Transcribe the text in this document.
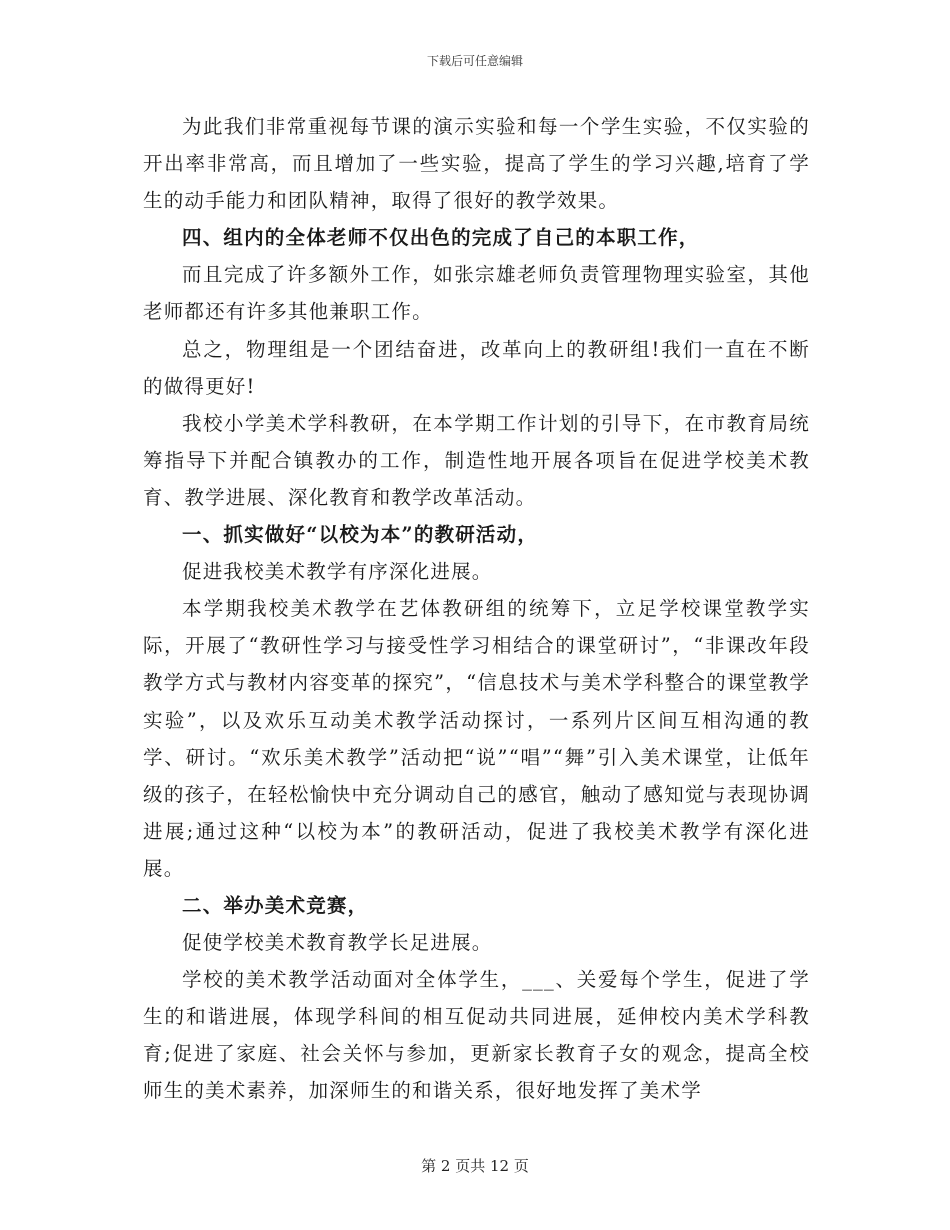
下载后可任意编辑

为此我们非常重视每节课的演示实验和每一个学生实验，不仅实验的开出率非常高，而且增加了一些实验，提高了学生的学习兴趣,培育了学生的动手能力和团队精神，取得了很好的教学效果。

四、组内的全体老师不仅出色的完成了自己的本职工作，

而且完成了许多额外工作，如张宗雄老师负责管理物理实验室，其他老师都还有许多其他兼职工作。

总之，物理组是一个团结奋进，改革向上的教研组!我们一直在不断的做得更好!

我校小学美术学科教研，在本学期工作计划的引导下，在市教育局统筹指导下并配合镇教办的工作，制造性地开展各项旨在促进学校美术教育、教学进展、深化教育和教学改革活动。

一、抓实做好“以校为本”的教研活动，

促进我校美术教学有序深化进展。

本学期我校美术教学在艺体教研组的统筹下，立足学校课堂教学实际，开展了“教研性学习与接受性学习相结合的课堂研讨”，“非课改年段教学方式与教材内容变革的探究”，“信息技术与美术学科整合的课堂教学实验”，以及欢乐互动美术教学活动探讨，一系列片区间互相沟通的教学、研讨。“欢乐美术教学”活动把“说”“唱”“舞”引入美术课堂，让低年级的孩子，在轻松愉快中充分调动自己的感官，触动了感知觉与表现协调进展;通过这种“以校为本”的教研活动，促进了我校美术教学有深化进展。

二、举办美术竞赛，

促使学校美术教育教学长足进展。

学校的美术教学活动面对全体学生，___、关爱每个学生，促进了学生的和谐进展，体现学科间的相互促动共同进展，延伸校内美术学科教育;促进了家庭、社会关怀与参加，更新家长教育子女的观念，提高全校师生的美术素养，加深师生的和谐关系，很好地发挥了美术学

第 2 页共 12 页
